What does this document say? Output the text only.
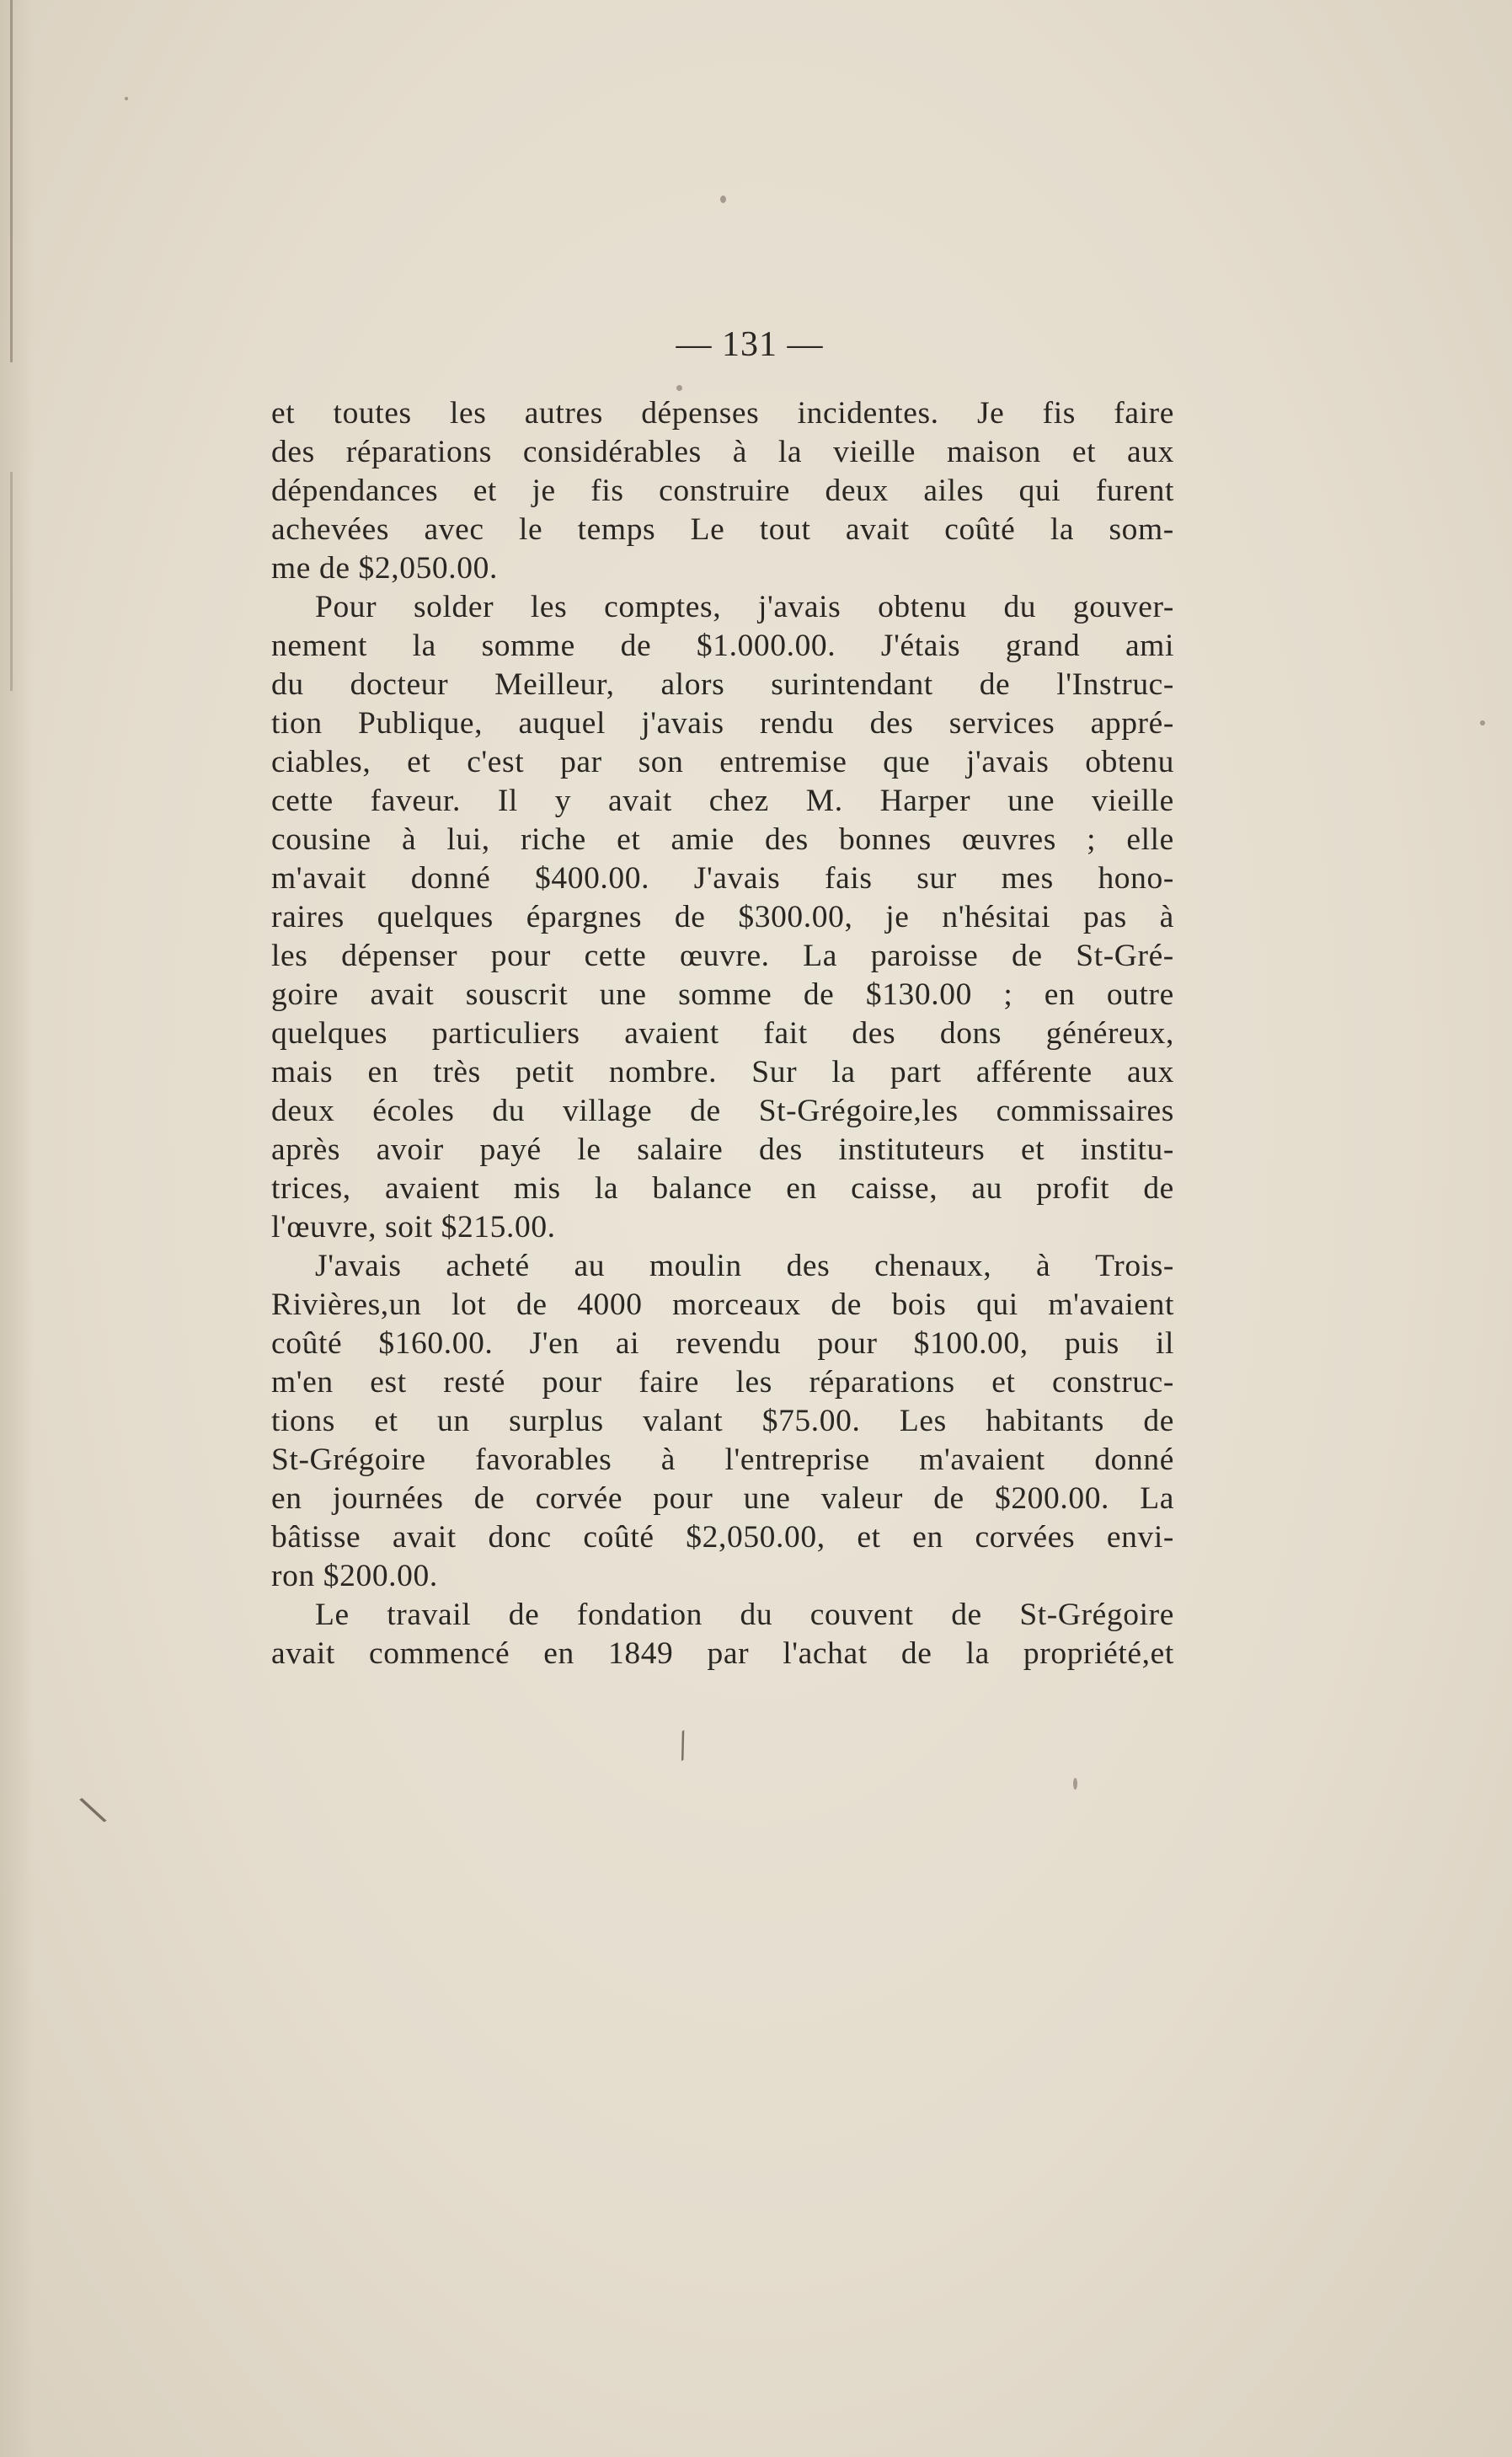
⁄
\
— 131 —
et toutes les autres dépenses incidentes. Je fis faire
des réparations considérables à la vieille maison et aux
dépendances et je fis construire deux ailes qui furent
achevées avec le temps Le tout avait coûté la som-
me de $2,050.00.
Pour solder les comptes, j'avais obtenu du gouver-
nement la somme de $1.000.00. J'étais grand ami
du docteur Meilleur, alors surintendant de l'Instruc-
tion Publique, auquel j'avais rendu des services appré-
ciables, et c'est par son entremise que j'avais obtenu
cette faveur. Il y avait chez M. Harper une vieille
cousine à lui, riche et amie des bonnes œuvres ; elle
m'avait donné $400.00. J'avais fais sur mes hono-
raires quelques épargnes de $300.00, je n'hésitai pas à
les dépenser pour cette œuvre. La paroisse de St-Gré-
goire avait souscrit une somme de $130.00 ; en outre
quelques particuliers avaient fait des dons généreux,
mais en très petit nombre. Sur la part afférente aux
deux écoles du village de St-Grégoire,les commissaires
après avoir payé le salaire des instituteurs et institu-
trices, avaient mis la balance en caisse, au profit de
l'œuvre, soit $215.00.
J'avais acheté au moulin des chenaux, à Trois-
Rivières,un lot de 4000 morceaux de bois qui m'avaient
coûté $160.00. J'en ai revendu pour $100.00, puis il
m'en est resté pour faire les réparations et construc-
tions et un surplus valant $75.00. Les habitants de
St-Grégoire favorables à l'entreprise m'avaient donné
en journées de corvée pour une valeur de $200.00. La
bâtisse avait donc coûté $2,050.00, et en corvées envi-
ron $200.00.
Le travail de fondation du couvent de St-Grégoire
avait commencé en 1849 par l'achat de la propriété,et
